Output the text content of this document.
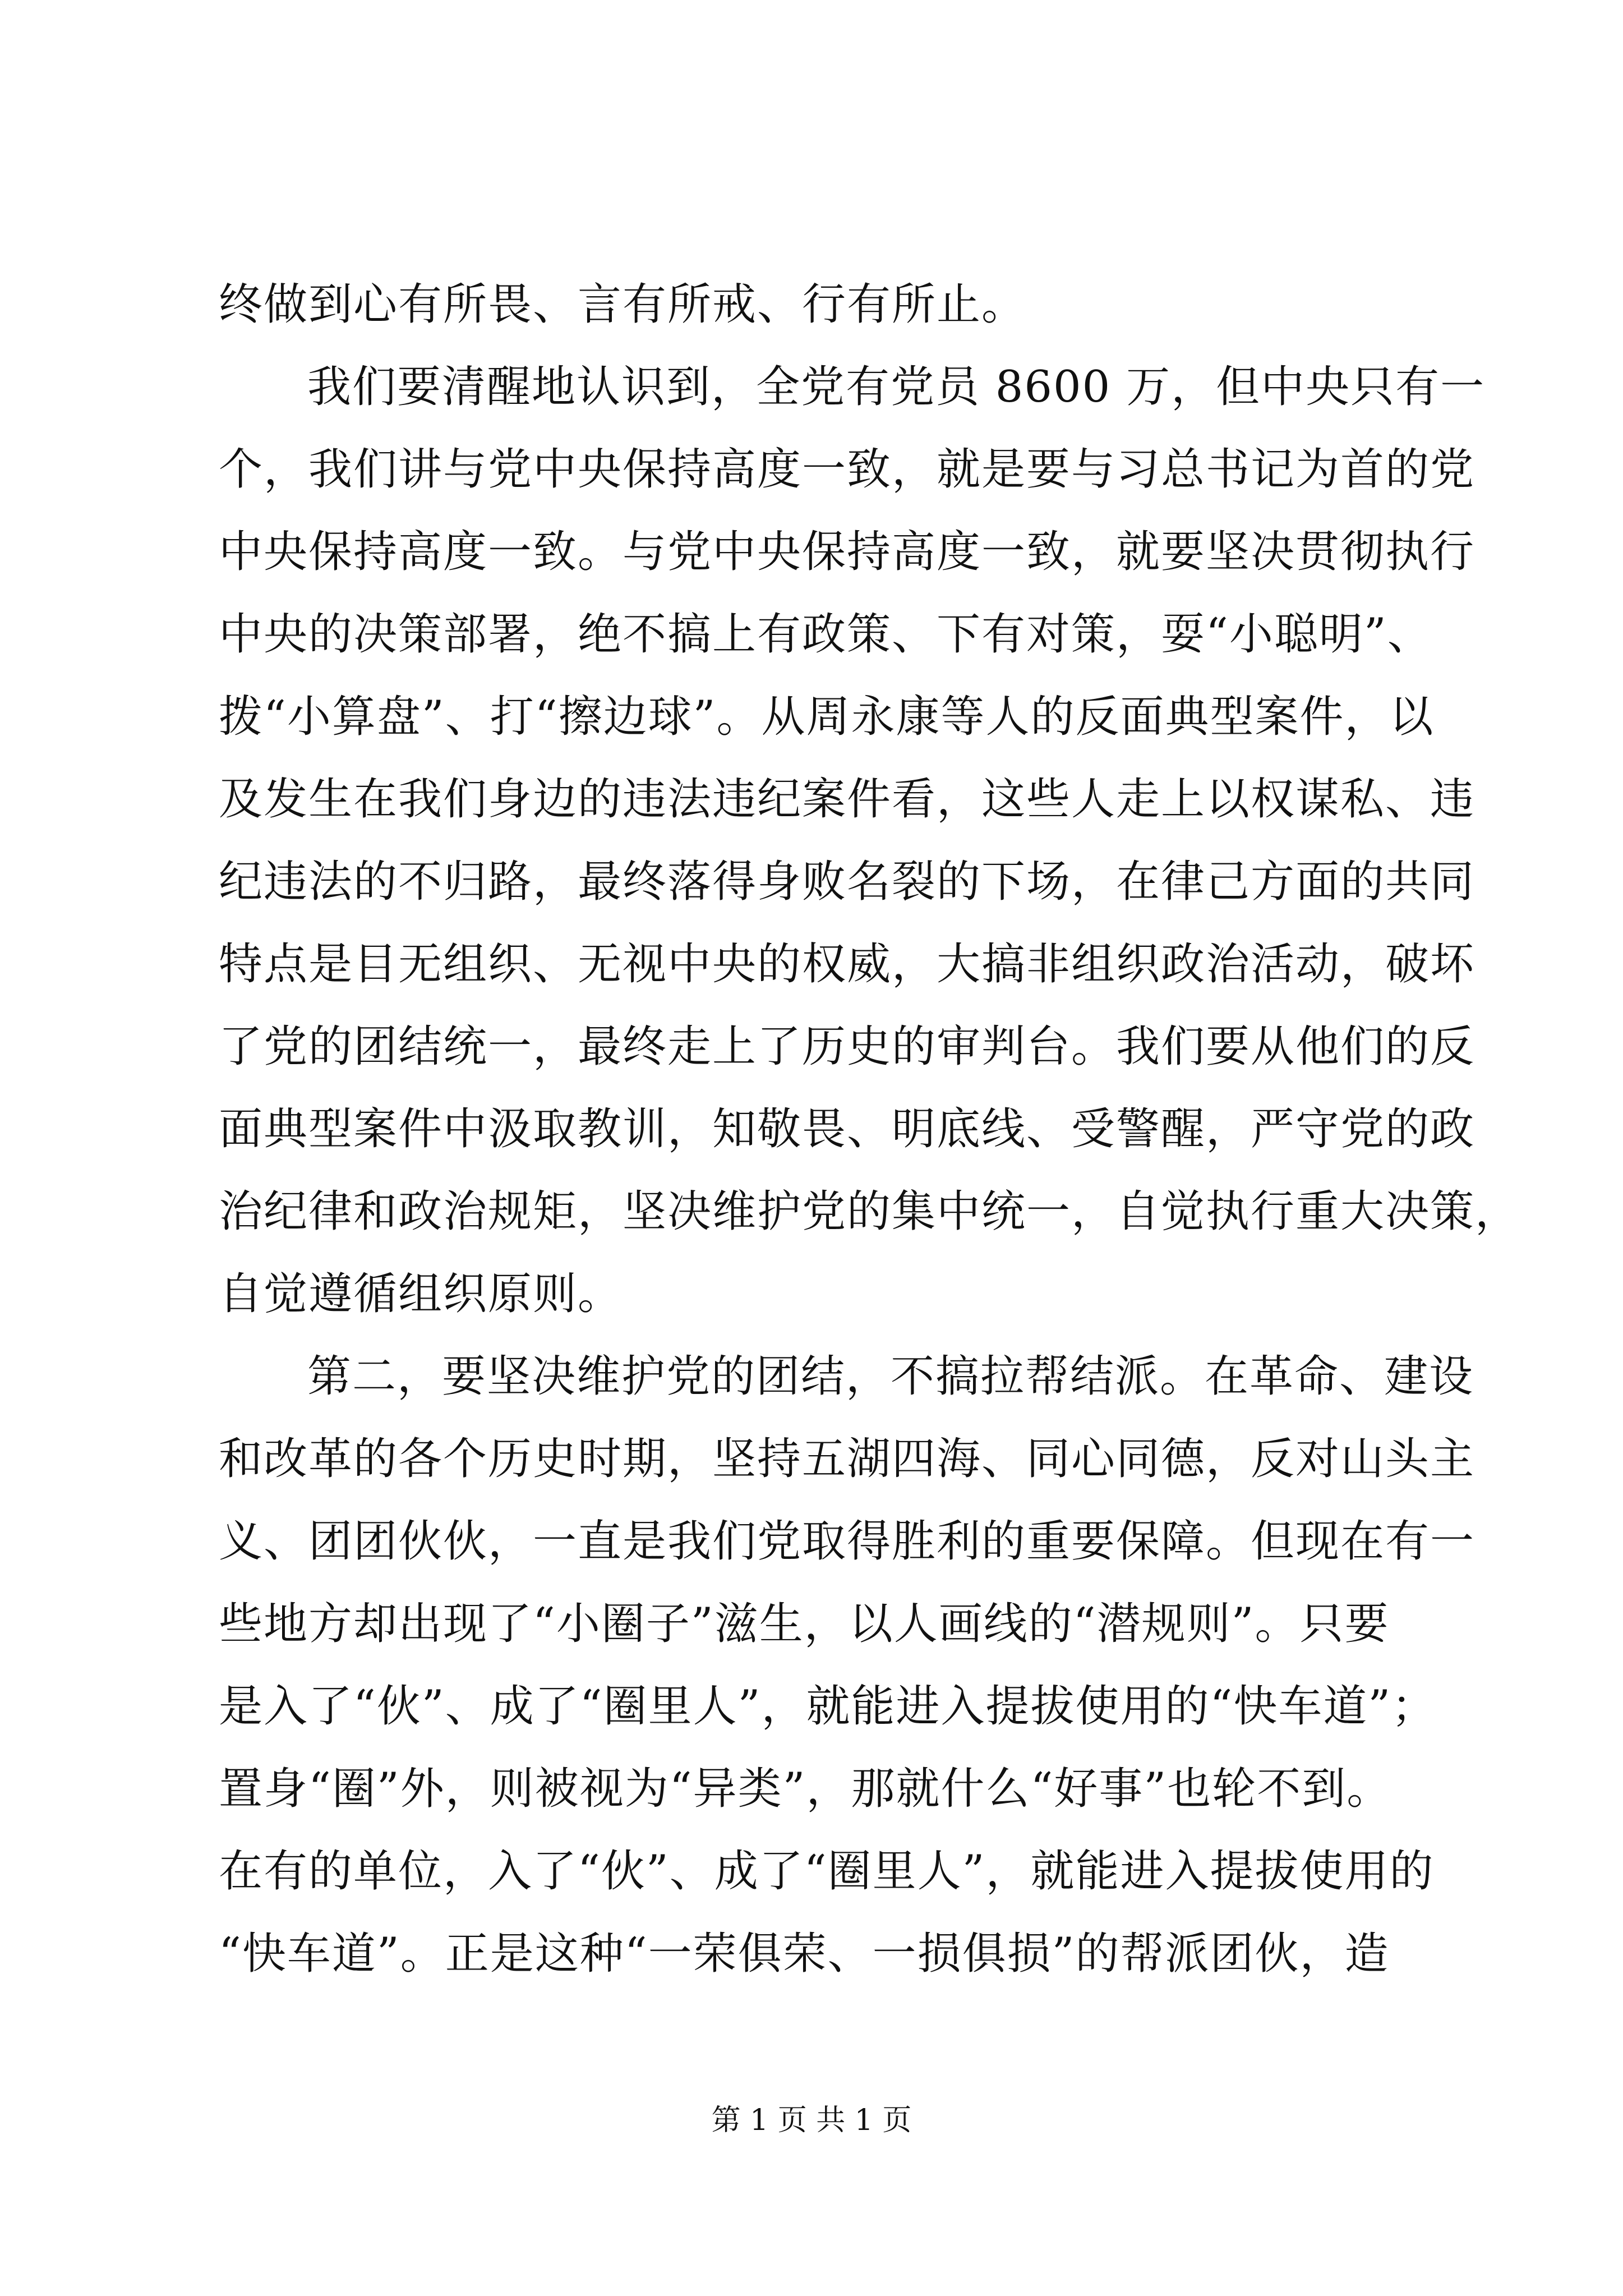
终做到心有所畏、言有所戒、行有所止。
我们要清醒地认识到，全党有党员 8600 万，但中央只有一
个，我们讲与党中央保持高度一致，就是要与习总书记为首的党
中央保持高度一致。与党中央保持高度一致，就要坚决贯彻执行
中央的决策部署，绝不搞上有政策、下有对策，耍“小聪明”、
拨“小算盘”、打“擦边球”。从周永康等人的反面典型案件，以
及发生在我们身边的违法违纪案件看，这些人走上以权谋私、违
纪违法的不归路，最终落得身败名裂的下场，在律己方面的共同
特点是目无组织、无视中央的权威，大搞非组织政治活动，破坏
了党的团结统一，最终走上了历史的审判台。我们要从他们的反
面典型案件中汲取教训，知敬畏、明底线、受警醒，严守党的政
治纪律和政治规矩，坚决维护党的集中统一，自觉执行重大决策，
自觉遵循组织原则。
第二，要坚决维护党的团结，不搞拉帮结派。在革命、建设
和改革的各个历史时期，坚持五湖四海、同心同德，反对山头主
义、团团伙伙，一直是我们党取得胜利的重要保障。但现在有一
些地方却出现了“小圈子”滋生，以人画线的“潜规则”。只要
是入了“伙”、成了“圈里人”，就能进入提拔使用的“快车道”；
置身“圈”外，则被视为“异类”，那就什么“好事”也轮不到。
在有的单位，入了“伙”、成了“圈里人”，就能进入提拔使用的
“快车道”。正是这种“一荣俱荣、一损俱损”的帮派团伙，造
第 1 页 共 1 页
